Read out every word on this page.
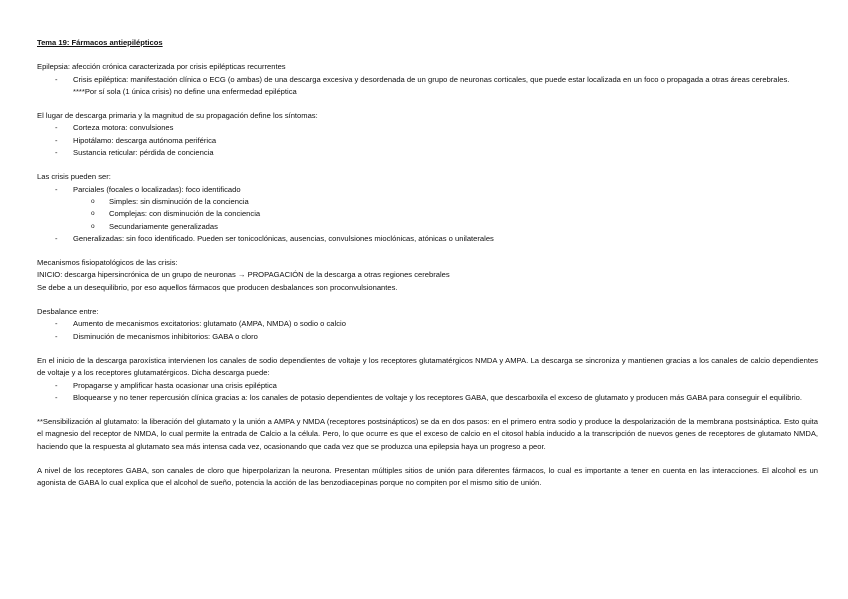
Tema 19: Fármacos antiepilépticos

Epilepsia: afección crónica caracterizada por crisis epilépticas recurrentes

- Crisis epiléptica: manifestación clínica o ECG (o ambas) de una descarga excesiva y desordenada de un grupo de neuronas corticales, que puede estar localizada en un foco o propagada a otras áreas cerebrales.

****Por sí sola (1 única crisis) no define una enfermedad epiléptica

El lugar de descarga primaria y la magnitud de su propagación define los síntomas:

- Corteza motora: convulsiones
- Hipotálamo: descarga autónoma periférica
- Sustancia reticular: pérdida de conciencia

Las crisis pueden ser:

- Parciales (focales o localizadas): foco identificado
o Simples: sin disminución de la conciencia
o Complejas: con disminución de la conciencia
o Secundariamente generalizadas
- Generalizadas: sin foco identificado. Pueden ser tonicoclónicas, ausencias, convulsiones mioclónicas, atónicas o unilaterales

Mecanismos fisiopatológicos de las crisis:

INICIO: descarga hipersincrónica de un grupo de neuronas → PROPAGACIÓN de la descarga a otras regiones cerebrales

Se debe a un desequilibrio, por eso aquellos fármacos que producen desbalances son proconvulsionantes.

Desbalance entre:

- Aumento de mecanismos excitatorios: glutamato (AMPA, NMDA) o sodio o calcio
- Disminución de mecanismos inhibitorios: GABA o cloro

En el inicio de la descarga paroxística intervienen los canales de sodio dependientes de voltaje y los receptores glutamatérgicos NMDA y AMPA. La descarga se sincroniza y mantienen gracias a los canales de calcio dependientes de voltaje y a los receptores glutamatérgicos. Dicha descarga puede:

- Propagarse y amplificar hasta ocasionar una crisis epiléptica
- Bloquearse y no tener repercusión clínica gracias a: los canales de potasio dependientes de voltaje y los receptores GABA, que descarboxila el exceso de glutamato y producen más GABA para conseguir el equilibrio.

**Sensibilización al glutamato: la liberación del glutamato y la unión a AMPA y NMDA (receptores postsinápticos) se da en dos pasos: en el primero entra sodio y produce la despolarización de la membrana postsináptica. Esto quita el magnesio del receptor de NMDA, lo cual permite la entrada de Calcio a la célula. Pero, lo que ocurre es que el exceso de calcio en el citosol había inducido a la transcripción de nuevos genes de receptores de glutamato NMDA, haciendo que la respuesta al glutamato sea más intensa cada vez, ocasionando que cada vez que se produzca una epilepsia haya un progreso a peor.

A nivel de los receptores GABA, son canales de cloro que hiperpolarizan la neurona. Presentan múltiples sitios de unión para diferentes fármacos, lo cual es importante a tener en cuenta en las interacciones. El alcohol es un agonista de GABA lo cual explica que el alcohol de sueño, potencia la acción de las benzodiacepinas porque no compiten por el mismo sitio de unión.
